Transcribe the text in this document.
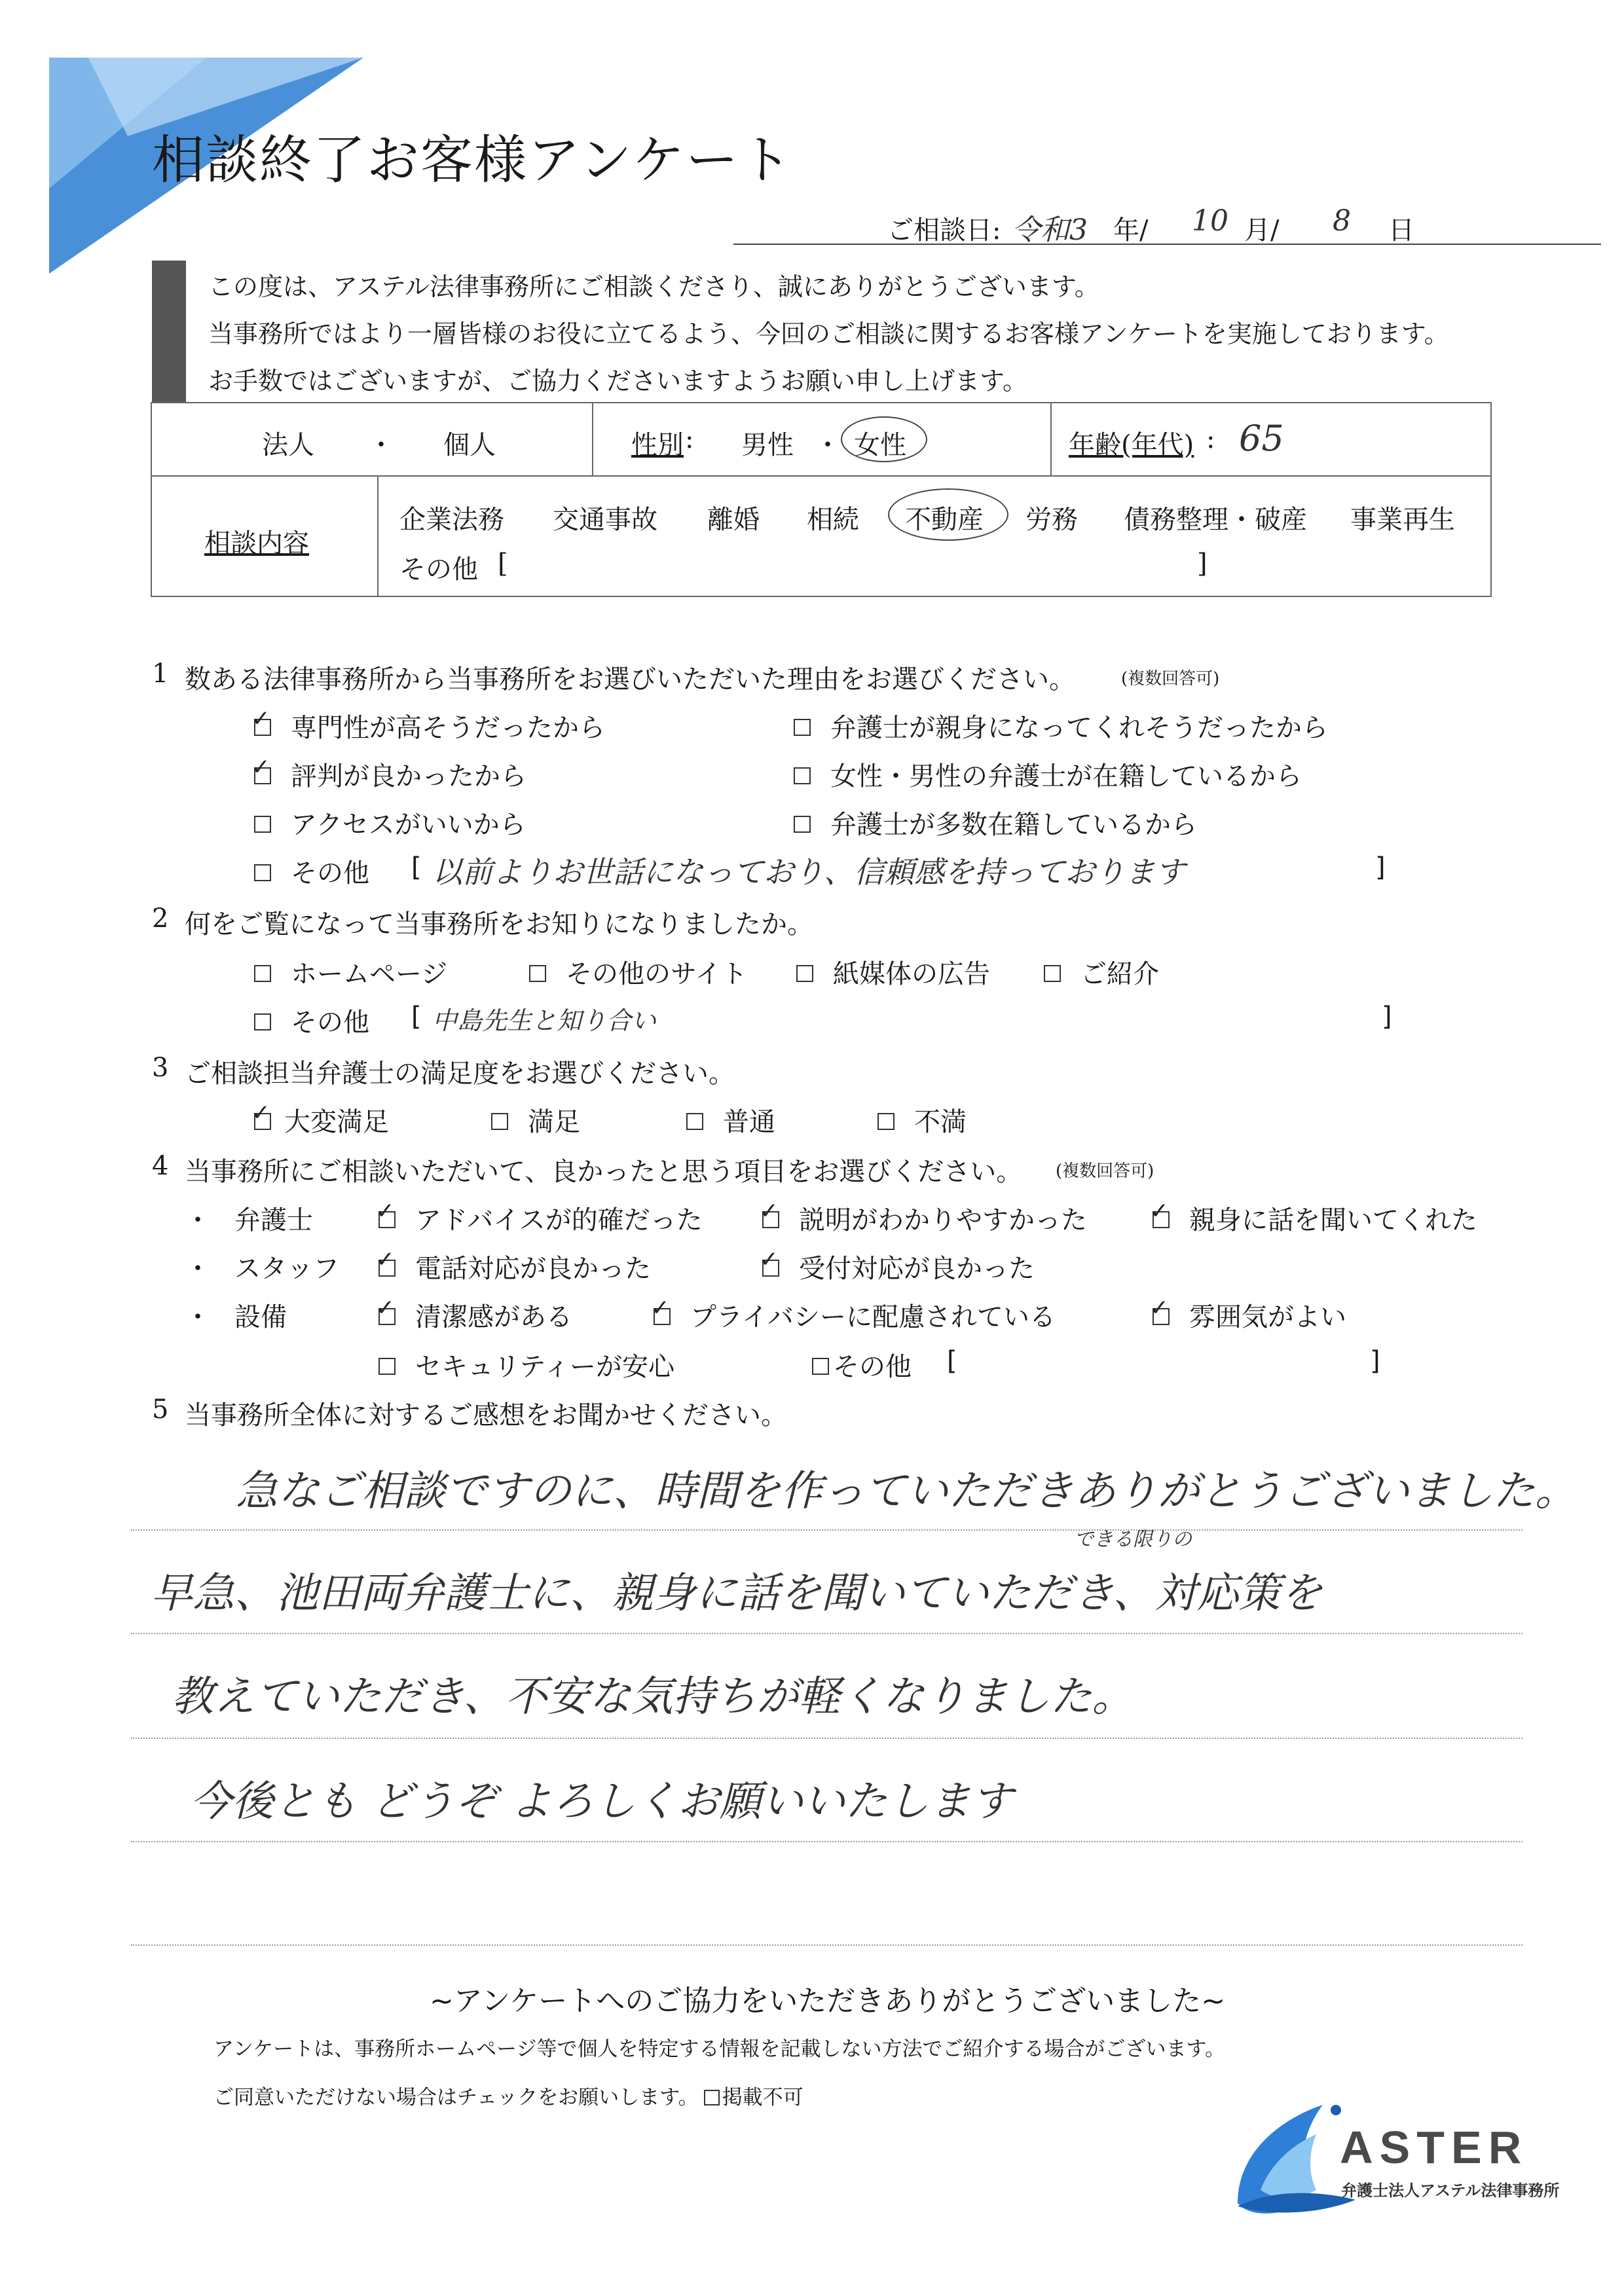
相談終了お客様アンケート
ご相談日: 令和3 年/ 10 月/ 8 日
この度は、アステル法律事務所にご相談くださり、誠にありがとうございます。
当事務所ではより一層皆様のお役に立てるよう、今回のご相談に関するお客様アンケートを実施しております。
お手数ではございますが、ご協力くださいますようお願い申し上げます。
法人 ・ 個人	性別 : 男性 ・ 女性	年齢(年代) : 65
相談内容
企業法務 交通事故 離婚 相続 不動産 労務 債務整理・破産 事業再生
その他 [	]
1 数ある法律事務所から当事務所をお選びいただいた理由をお選びください。	(複数回答可)
✓ 専門性が高そうだったから	弁護士が親身になってくれそうだったから
✓ 評判が良かったから	女性・男性の弁護士が在籍しているから
アクセスがいいから	弁護士が多数在籍しているから
その他 [ 以前よりお世話になっており、信頼感を持っております	]
2 何をご覧になって当事務所をお知りになりましたか。
ホームページ	その他のサイト	紙媒体の広告	ご紹介
その他 [ 中島先生と知り合い	]
3 ご相談担当弁護士の満足度をお選びください。
✓ 大変満足	満足	普通	不満
4 当事務所にご相談いただいて、良かったと思う項目をお選びください。 (複数回答可)
・ 弁護士	✓ アドバイスが的確だった	✓ 説明がわかりやすかった	✓ 親身に話を聞いてくれた
・ スタッフ ✓ 電話対応が良かった	✓ 受付対応が良かった
・ 設備	✓ 清潔感がある	✓ プライバシーに配慮されている	✓ 雰囲気がよい
セキュリティーが安心	その他 [	]
5 当事務所全体に対するご感想をお聞かせください。
急なご相談ですのに、時間を作っていただきありがとうございました。
できる限りの
早急、池田両弁護士に、親身に話を聞いていただき、対応策を
教えていただき、不安な気持ちが軽くなりました。
今後とも どうぞ よろしくお願いいたします
~アンケートへのご協力をいただきありがとうございました~
アンケートは、事務所ホームページ等で個人を特定する情報を記載しない方法でご紹介する場合がございます。
ご同意いただけない場合はチェックをお願いします。 掲載不可
ASTER
弁護士法人アステル法律事務所
